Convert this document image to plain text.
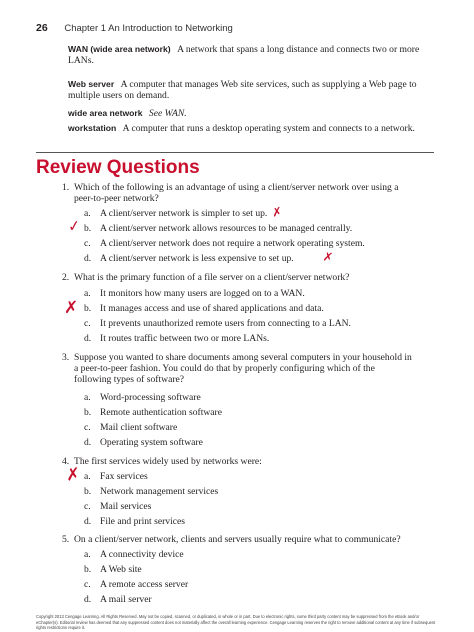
26 Chapter 1 An Introduction to Networking
WAN (wide area network) A network that spans a long distance and connects two or more
LANs.
Web server A computer that manages Web site services, such as supplying a Web page to
multiple users on demand.
wide area network See WAN.
workstation A computer that runs a desktop operating system and connects to a network.
Review Questions
1. Which of the following is an advantage of using a client/server network over using a
peer-to-peer network?
a. A client/server network is simpler to set up.
b. A client/server network allows resources to be managed centrally.
c. A client/server network does not require a network operating system.
d. A client/server network is less expensive to set up.
2. What is the primary function of a file server on a client/server network?
a. It monitors how many users are logged on to a WAN.
b. It manages access and use of shared applications and data.
c. It prevents unauthorized remote users from connecting to a LAN.
d. It routes traffic between two or more LANs.
3. Suppose you wanted to share documents among several computers in your household in
a peer-to-peer fashion. You could do that by properly configuring which of the
following types of software?
a. Word-processing software
b. Remote authentication software
c. Mail client software
d. Operating system software
4. The first services widely used by networks were:
a. Fax services
b. Network management services
c. Mail services
d. File and print services
5. On a client/server network, clients and servers usually require what to communicate?
a. A connectivity device
b. A Web site
c. A remote access server
d. A mail server
✗
✓
✗
✗
✗
Copyright 2013 Cengage Learning. All Rights Reserved. May not be copied, scanned, or duplicated, in whole or in part. Due to electronic rights, some third party content may be suppressed from the eBook and/or eChapter(s). Editorial review has deemed that any suppressed content does not materially affect the overall learning experience. Cengage Learning reserves the right to remove additional content at any time if subsequent rights restrictions require it.
